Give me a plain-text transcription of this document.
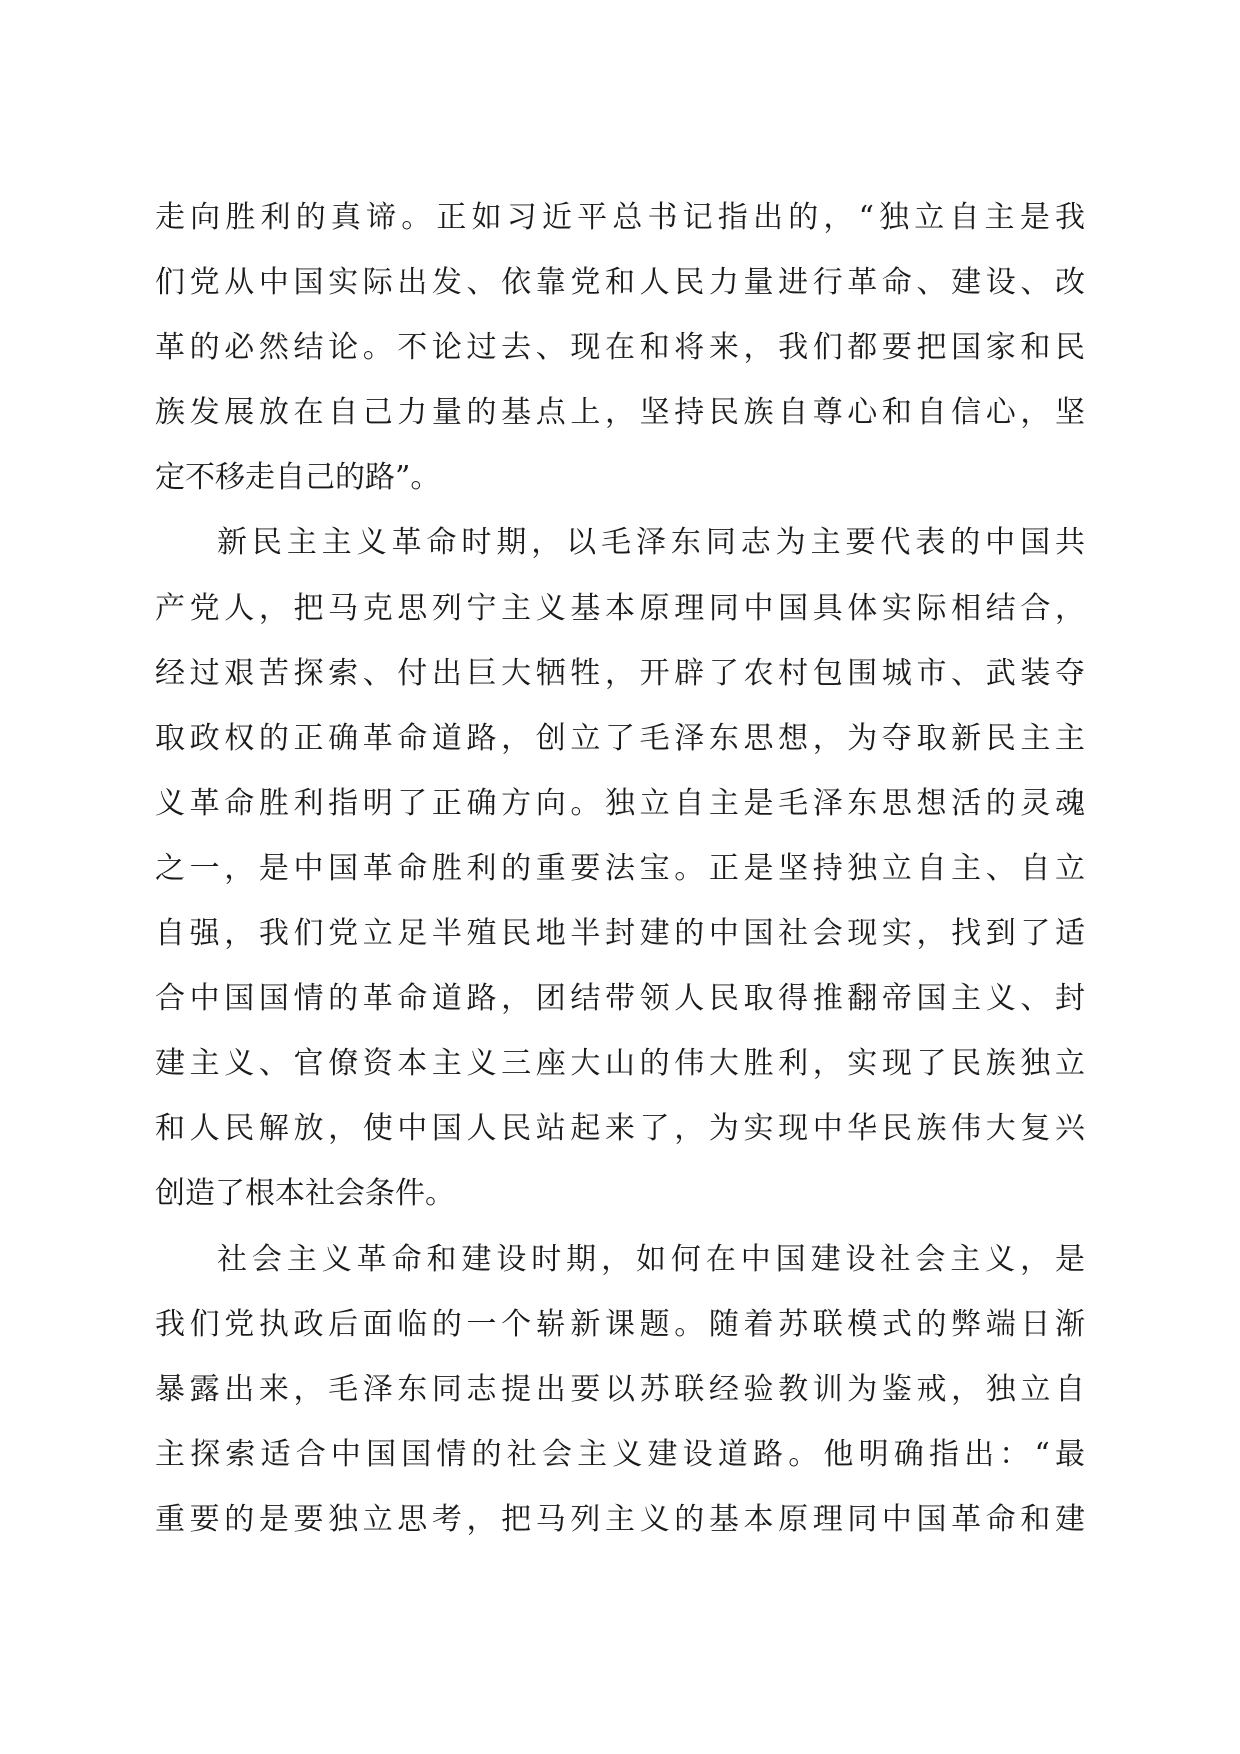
走向胜利的真谛。正如习近平总书记指出的，“独立自主是我
们党从中国实际出发、依靠党和人民力量进行革命、建设、改
革的必然结论。不论过去、现在和将来，我们都要把国家和民
族发展放在自己力量的基点上，坚持民族自尊心和自信心，坚
定不移走自己的路”。
新民主主义革命时期，以毛泽东同志为主要代表的中国共
产党人，把马克思列宁主义基本原理同中国具体实际相结合，
经过艰苦探索、付出巨大牺牲，开辟了农村包围城市、武装夺
取政权的正确革命道路，创立了毛泽东思想，为夺取新民主主
义革命胜利指明了正确方向。独立自主是毛泽东思想活的灵魂
之一，是中国革命胜利的重要法宝。正是坚持独立自主、自立
自强，我们党立足半殖民地半封建的中国社会现实，找到了适
合中国国情的革命道路，团结带领人民取得推翻帝国主义、封
建主义、官僚资本主义三座大山的伟大胜利，实现了民族独立
和人民解放，使中国人民站起来了，为实现中华民族伟大复兴
创造了根本社会条件。
社会主义革命和建设时期，如何在中国建设社会主义，是
我们党执政后面临的一个崭新课题。随着苏联模式的弊端日渐
暴露出来，毛泽东同志提出要以苏联经验教训为鉴戒，独立自
主探索适合中国国情的社会主义建设道路。他明确指出：“最
重要的是要独立思考，把马列主义的基本原理同中国革命和建
